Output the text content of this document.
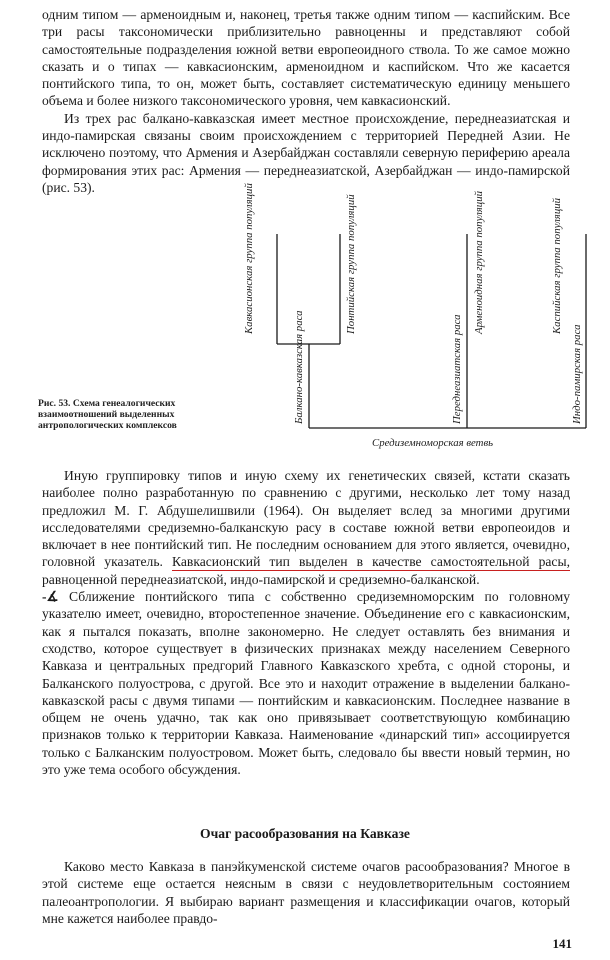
одним типом — арменоидным и, наконец, третья также одним типом — каспийским. Все три расы таксономически приблизительно равноценны и представляют собой самостоятельные подразделения южной ветви европеоидного ствола. То же самое можно сказать и о типах — кавкасионским, арменоидном и каспийском. Что же касается понтийского типа, то он, может быть, составляет систематическую единицу меньшего объема и более низкого таксономического уровня, чем кавкасионский.

Из трех рас балкано-кавказская имеет местное происхождение, переднеазиатская и индо-памирская связаны своим происхождением с территорией Передней Азии. Не исключено поэтому, что Армения и Азербайджан составляли северную периферию ареала формирования этих рас: Армения — переднеазиатской, Азербайджан — индо-памирской (рис. 53).	Кавкасионская группа популяций	Понтийская группа популяций	Арменоидная группа популяций	Каспийская группа популяций
Балкано-кавказская раса	Переднеазиатская раса	Индо-памирская раса
Средиземноморская ветвь
Рис. 53. Схема генеалогических взаимоотношений выделенных антропологических комплексов

Иную группировку типов и иную схему их генетических связей, кстати сказать наиболее полно разработанную по сравнению с другими, несколько лет тому назад предложил М. Г. Абдушелишвили (1964). Он выделяет вслед за многими другими исследователями средиземно-балканскую расу в составе южной ветви европеоидов и включает в нее понтийский тип. Не последним основанием для этого является, очевидно, головной указатель. Кавкасионский тип выделен в качестве самостоятельной расы, равноценной переднеазиатской, индо-памирской и средиземно-балканской.

-∡ Сближение понтийского типа с собственно средиземноморским по головному указателю имеет, очевидно, второстепенное значение. Объединение его с кавкасионским, как я пытался показать, вполне закономерно. Не следует оставлять без внимания и сходство, которое существует в физических признаках между населением Северного Кавказа и центральных предгорий Главного Кавказского хребта, с одной стороны, и Балканского полуострова, с другой. Все это и находит отражение в выделении балкано-кавказской расы с двумя типами — понтийским и кавкасионским. Последнее название в общем не очень удачно, так как оно привязывает соответствующую комбинацию признаков только к территории Кавказа. Наименование «динарский тип» ассоциируется только с Балканским полуостровом. Может быть, следовало бы ввести новый термин, но это уже тема особого обсуждения.

Очаг расообразования на Кавказе

Каково место Кавказа в панэйкуменской системе очагов расообразования? Многое в этой системе еще остается неясным в связи с неудовлетворительным состоянием палеоантропологии. Я выбираю вариант размещения и классификации очагов, который мне кажется наиболее правдо-

141
